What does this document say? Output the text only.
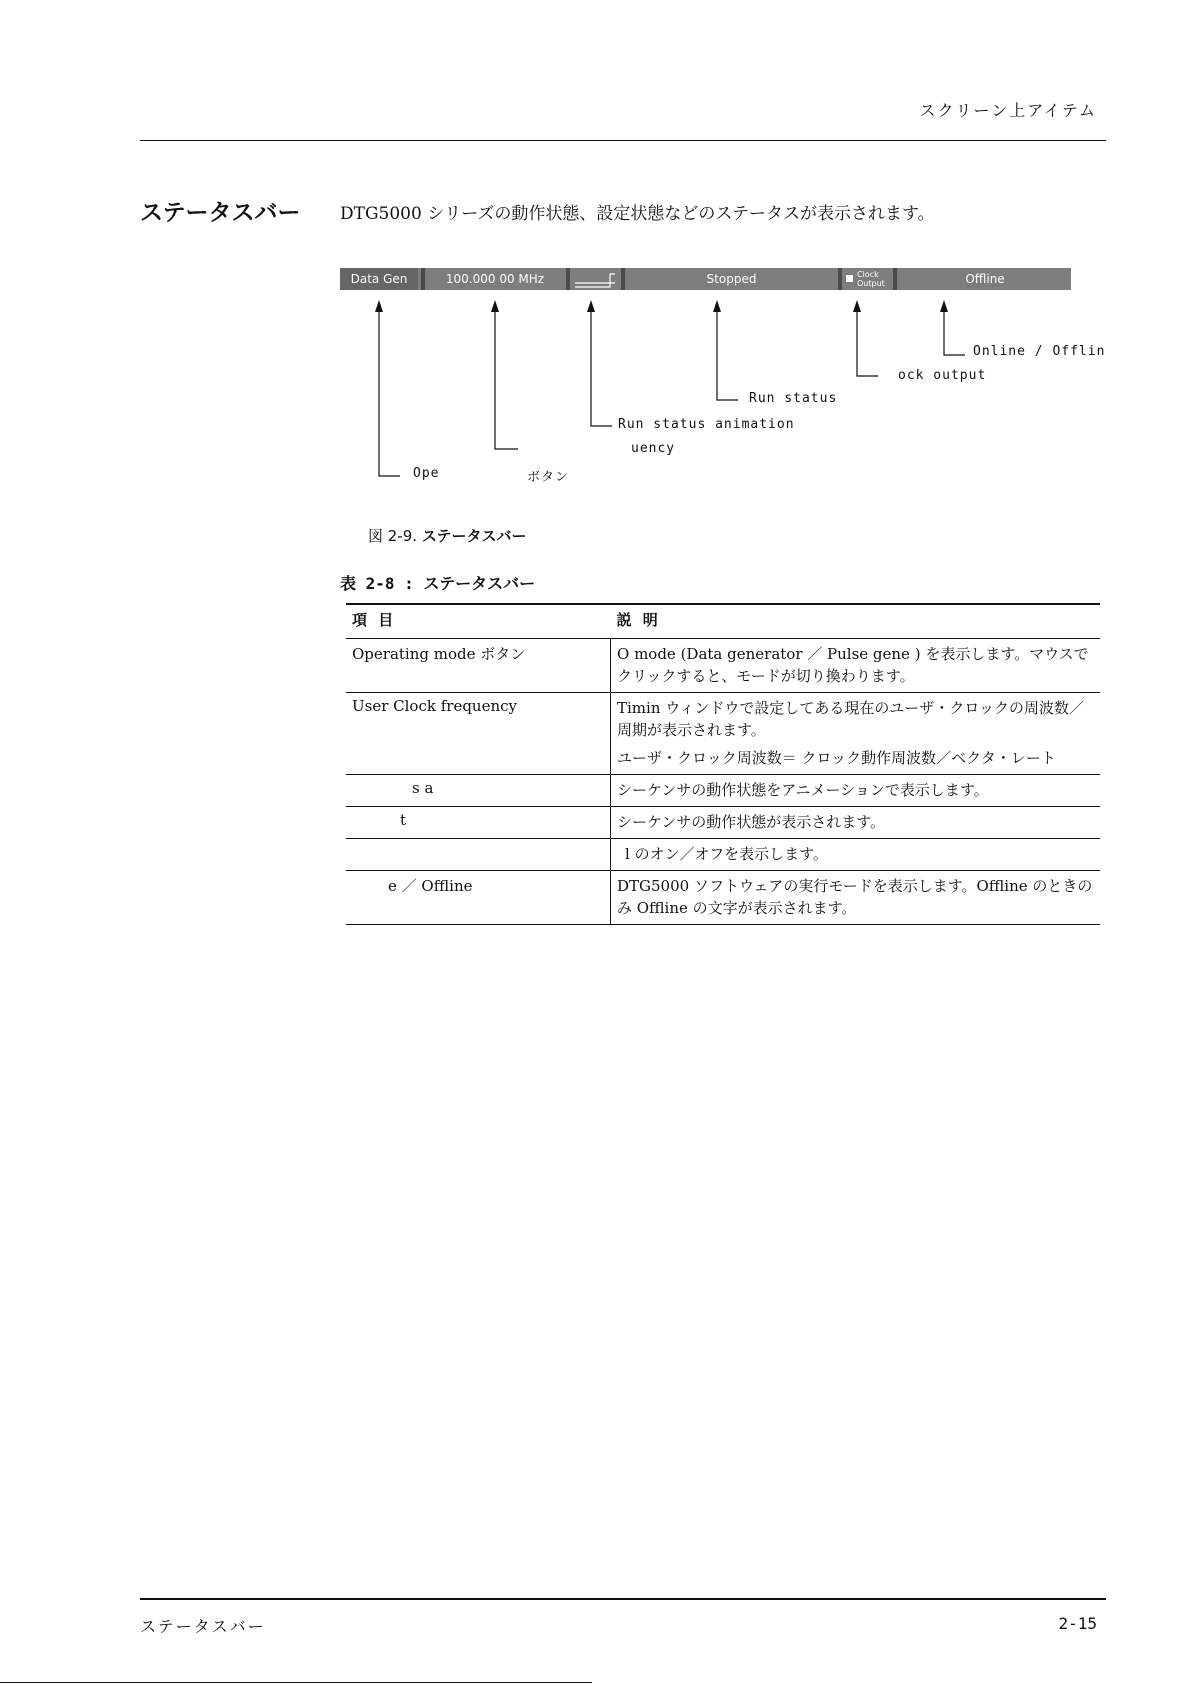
スクリーン上アイテム
ステータスバー DTG5000 シリーズの動作状態、設定状態などのステータスが表示されます。
Data Gen	100.000 00 MHz	Stopped	Clock
Output	Offline
Online / Offlin
ock output
Run status
Run status animation
uency
Ope	ボタン
図 2-9. ステータスバー
表 2-8 : ステータスバー
項 目	説 明
Operating mode ボタン	O mode (Data generator ／ Pulse gene ) を表示します。マウスでクリックすると、モードが切り換わります。

User Clock frequency	Timin ウィンドウで設定してある現在のユーザ・クロックの周波数／周期が表示されます。

ユーザ・クロック周波数＝ クロック動作周波数／ベクタ・レート

s a	シーケンサの動作状態をアニメーションで表示します。

t	シーケンサの動作状態が表示されます。

	l のオン／オフを表示します。

e ／ Offline	DTG5000 ソフトウェアの実行モードを表示します。Offline のときのみ Offline の文字が表示されます。

ステータスバー	2-15
